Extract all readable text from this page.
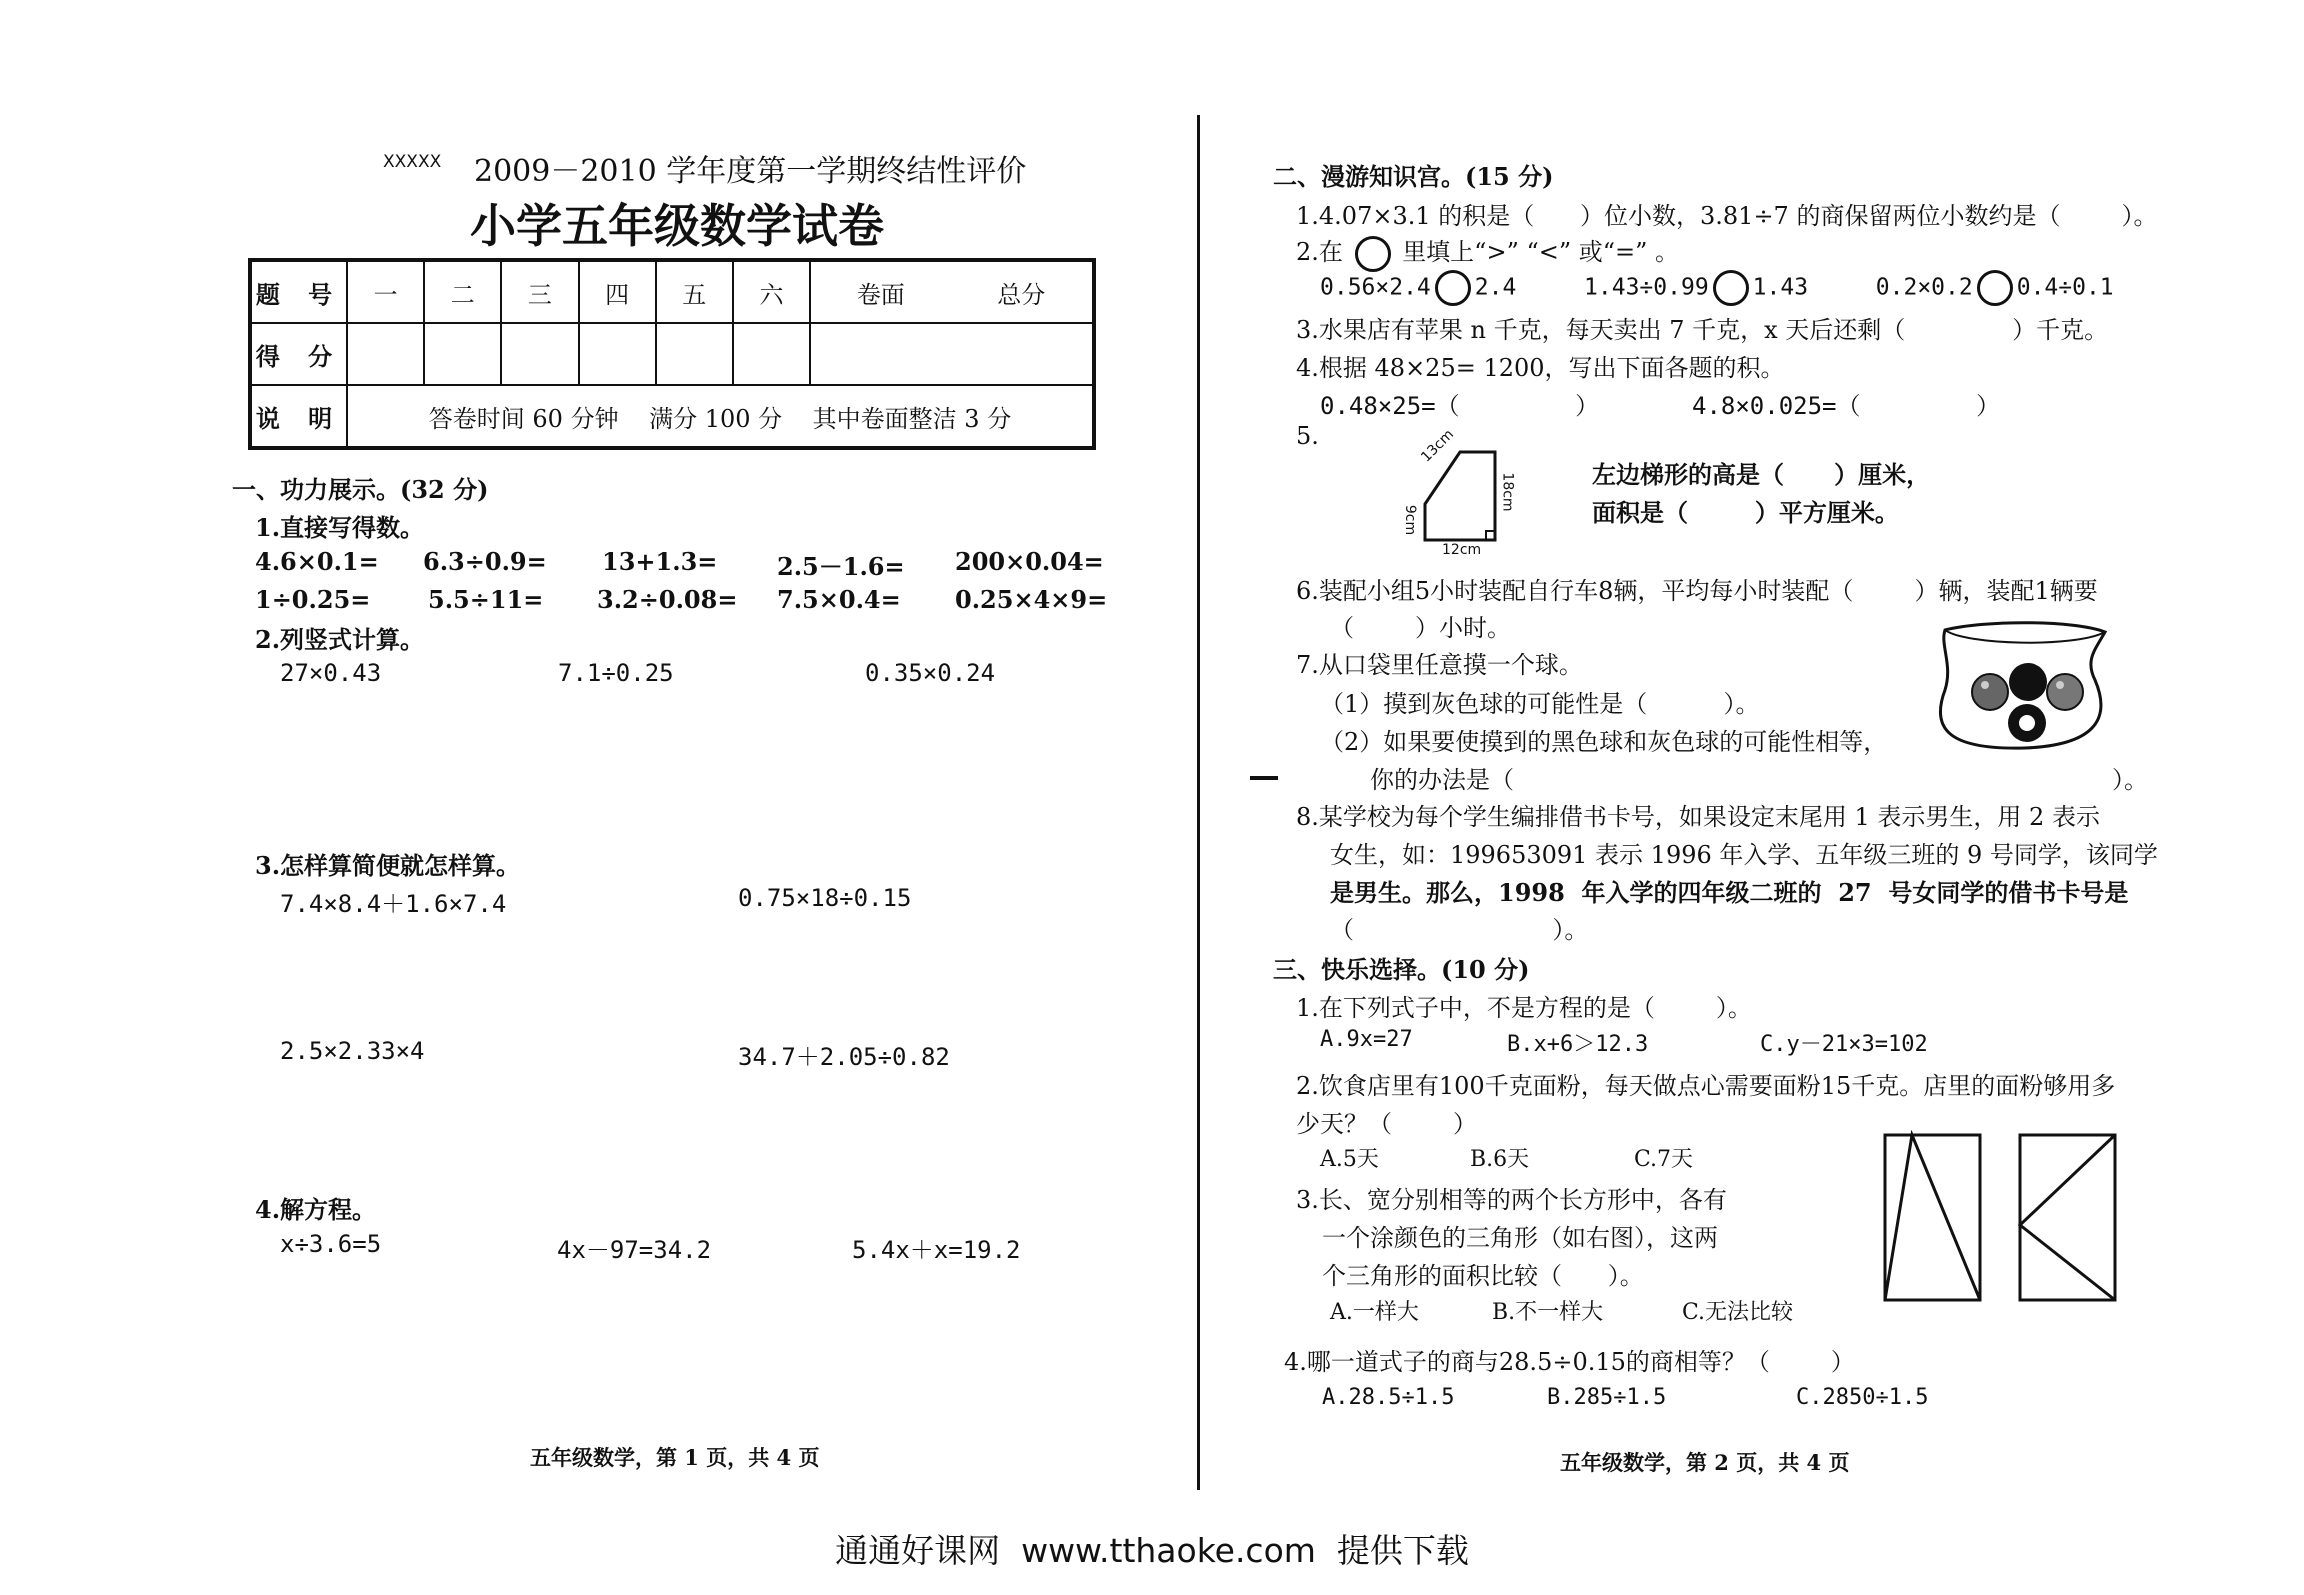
XXXXX 2009－2010 学年度第一学期终结性评价
小学五年级数学试卷
题 号	一	二	三	四	五	六	卷面	总分
得 分								
说 明	答卷时间 60 分钟    满分 100 分    其中卷面整洁 3 分							
一、功力展示。(32 分)
1.直接写得数。
4.6×0.1= 6.3÷0.9= 13+1.3= 2.5－1.6= 200×0.04=
1÷0.25= 5.5÷11= 3.2÷0.08= 7.5×0.4= 0.25×4×9=
2.列竖式计算。
27×0.43	7.1÷0.25	0.35×0.24
3.怎样算简便就怎样算。
7.4×8.4＋1.6×7.4	0.75×18÷0.15
2.5×2.33×4	34.7＋2.05÷0.82
4.解方程。
x÷3.6=5	4x－97=34.2	5.4x＋x=19.2
五年级数学，第 1 页，共 4 页
二、漫游知识宫。(15 分)
1.4.07×3.1 的积是（      ）位小数，3.81÷7 的商保留两位小数约是（        ）。
2.在 里填上“>” “<” 或“=” 。
0.56×2.4 2.4	1.43÷0.99 1.43	0.2×0.2 0.4÷0.1
3.水果店有苹果 n 千克，每天卖出 7 千克，x 天后还剩（              ）千克。
4.根据 48×25= 1200，写出下面各题的积。
0.48×25=（        ）	4.8×0.025=（        ）
5.	13cm
18cm
9cm
12cm
左边梯形的高是（      ）厘米，
面积是（        ）平方厘米。
6.装配小组5小时装配自行车8辆，平均每小时装配（        ）辆，装配1辆要
（        ）小时。
7.从口袋里任意摸一个球。
（1）摸到灰色球的可能性是（          ）。
（2）如果要使摸到的黑色球和灰色球的可能性相等，
你的办法是（	）。
8.某学校为每个学生编排借书卡号，如果设定末尾用 1 表示男生，用 2 表示
女生，如：199653091 表示 1996 年入学、五年级三班的 9 号同学，该同学
是男生。那么，1998  年入学的四年级二班的  27  号女同学的借书卡号是
（                          ）。
三、快乐选择。(10 分)
1.在下列式子中，不是方程的是（        ）。
A.9x=27	B.x+6＞12.3	C.y－21×3=102
2.饮食店里有100千克面粉，每天做点心需要面粉15千克。店里的面粉够用多
少天？（        ）
A.5天	B.6天	C.7天
3.长、宽分别相等的两个长方形中，各有
一个涂颜色的三角形（如右图），这两
个三角形的面积比较（      ）。
A.一样大	B.不一样大	C.无法比较
4.哪一道式子的商与28.5÷0.15的商相等？（        ）
A.28.5÷1.5	B.285÷1.5	C.2850÷1.5
五年级数学，第 2 页，共 4 页
通通好课网  www.tthaoke.com  提供下载
